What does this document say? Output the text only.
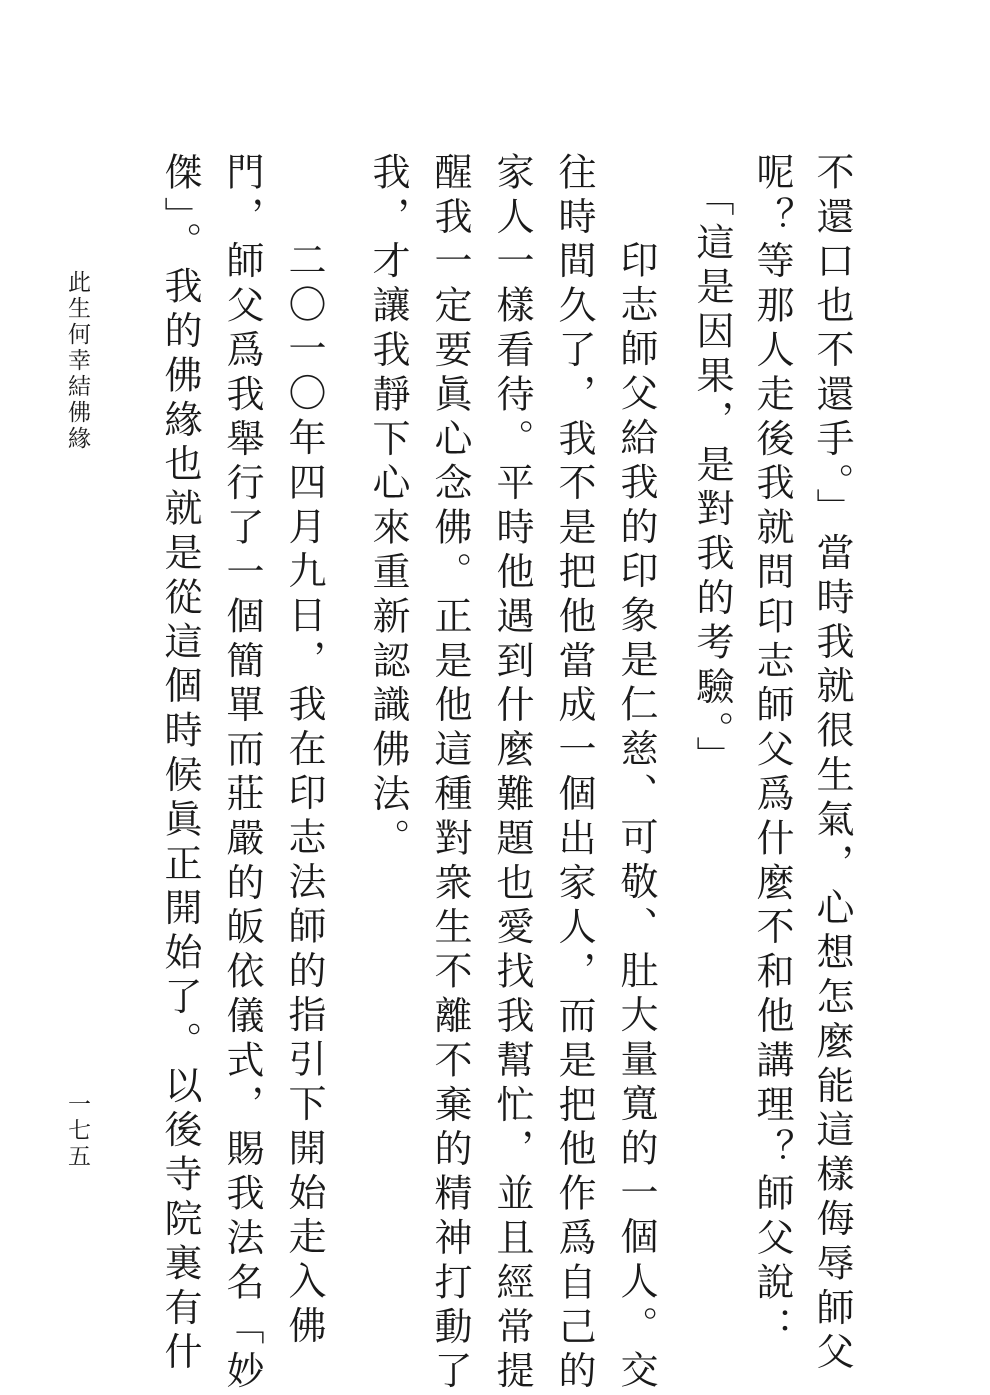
不還口也不還手。」當時我就很生氣，心想怎麼能這樣侮辱師父
呢？等那人走後我就問印志師父爲什麼不和他講理？師父說：
「這是因果，是對我的考驗。」
印志師父給我的印象是仁慈、可敬、肚大量寬的一個人。交
往時間久了，我不是把他當成一個出家人，而是把他作爲自己的
家人一樣看待。平時他遇到什麼難題也愛找我幫忙，並且經常提
醒我一定要眞心念佛。正是他這種對衆生不離不棄的精神打動了
我，才讓我靜下心來重新認識佛法。
二〇一〇年四月九日，我在印志法師的指引下開始走入佛
門，師父爲我舉行了一個簡單而莊嚴的皈依儀式，賜我法名「妙
傑」。我的佛緣也就是從這個時候眞正開始了。以後寺院裏有什
此生何幸結佛緣
一七五
